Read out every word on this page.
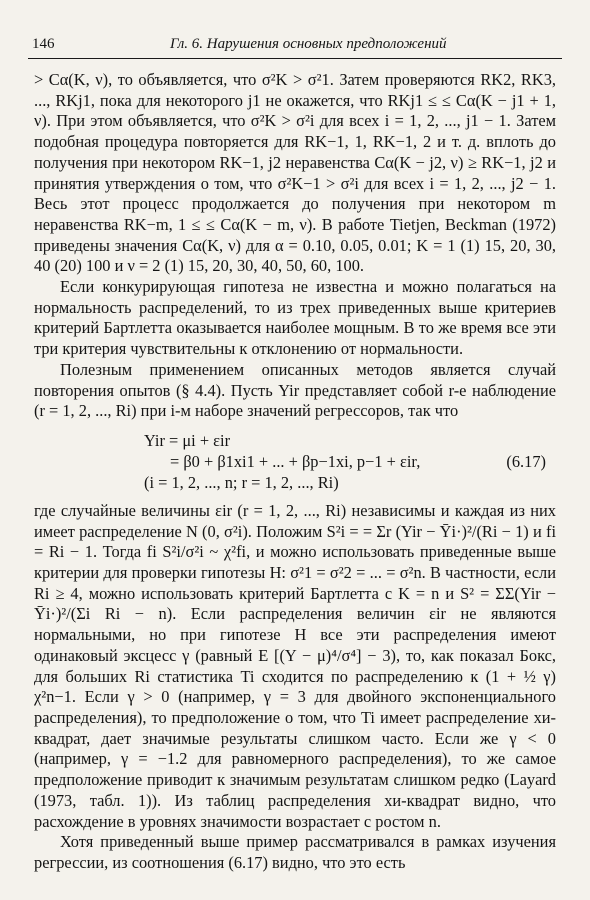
146	Гл. 6. Нарушения основных предположений

> Cα(K, ν), то объявляется, что σ²K > σ²1. Затем проверяются RK2, RK3, ..., RKj1, пока для некоторого j1 не окажется, что RKj1 ≤ ≤ Cα(K − j1 + 1, ν). При этом объявляется, что σ²K > σ²i для всех i = 1, 2, ..., j1 − 1. Затем подобная процедура повторяется для RK−1, 1, RK−1, 2 и т. д. вплоть до получения при некотором RK−1, j2 неравенства Cα(K − j2, ν) ≥ RK−1, j2 и принятия утверждения о том, что σ²K−1 > σ²i для всех i = 1, 2, ..., j2 − 1. Весь этот процесс продолжается до получения при некотором m неравенства RK−m, 1 ≤ ≤ Cα(K − m, ν). В работе Tietjen, Beckman (1972) приведены значения Cα(K, ν) для α = 0.10, 0.05, 0.01; K = 1 (1) 15, 20, 30, 40 (20) 100 и ν = 2 (1) 15, 20, 30, 40, 50, 60, 100.

Если конкурирующая гипотеза не известна и можно полагаться на нормальность распределений, то из трех приведенных выше критериев критерий Бартлетта оказывается наиболее мощным. В то же время все эти три критерия чувствительны к отклонению от нормальности.

Полезным применением описанных методов является случай повторения опытов (§ 4.4). Пусть Yir представляет собой r-е наблюдение (r = 1, 2, ..., Ri) при i-м наборе значений регрессоров, так что

Yir = μi + εir
= β0 + β1xi1 + ... + βp−1xi, p−1 + εir,
(i = 1, 2, ..., n; r = 1, 2, ..., Ri)
(6.17)

где случайные величины εir (r = 1, 2, ..., Ri) независимы и каждая из них имеет распределение N (0, σ²i). Положим S²i = = Σr (Yir − Ȳi·)²/(Ri − 1) и fi = Ri − 1. Тогда fi S²i/σ²i ~ χ²fi, и можно использовать приведенные выше критерии для проверки гипотезы H: σ²1 = σ²2 = ... = σ²n. В частности, если Ri ≥ 4, можно использовать критерий Бартлетта с K = n и S² = ΣΣ(Yir − Ȳi·)²/(Σi Ri − n). Если распределения величин εir не являются нормальными, но при гипотезе H все эти распределения имеют одинаковый эксцесс γ (равный E [(Y − μ)⁴/σ⁴] − 3), то, как показал Бокс, для больших Ri статистика Ti сходится по распределению к (1 + ½ γ) χ²n−1. Если γ > 0 (например, γ = 3 для двойного экспоненциального распределения), то предположение о том, что Ti имеет распределение хи-квадрат, дает значимые результаты слишком часто. Если же γ < 0 (например, γ = −1.2 для равномерного распределения), то же самое предположение приводит к значимым результатам слишком редко (Layard (1973, табл. 1)). Из таблиц распределения хи-квадрат видно, что расхождение в уровнях значимости возрастает с ростом n.

Хотя приведенный выше пример рассматривался в рамках изучения регрессии, из соотношения (6.17) видно, что это есть
